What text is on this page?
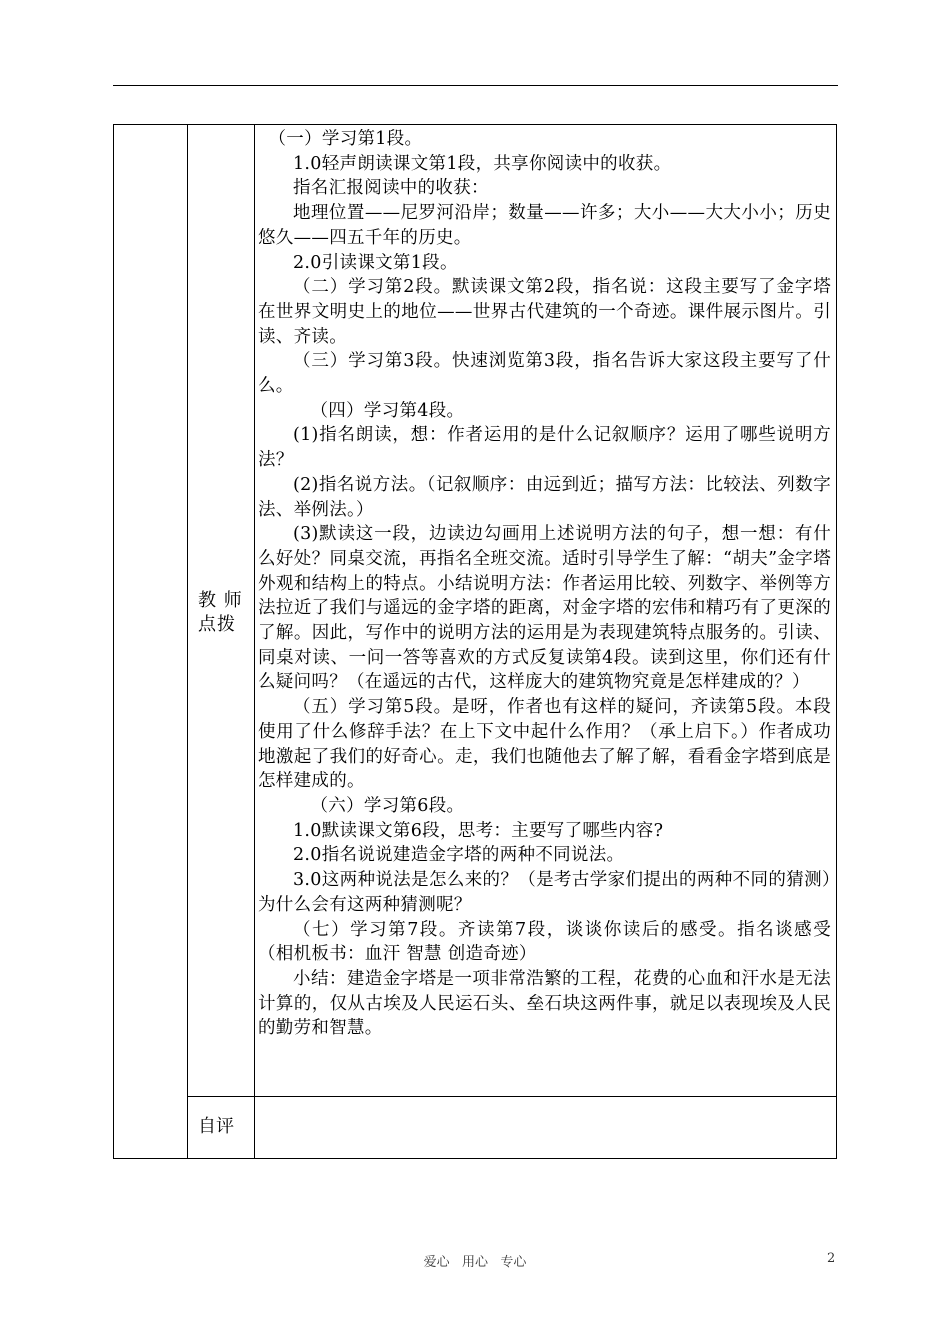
教 师
点拨
自评

（一）学习第1段。

1.0轻声朗读课文第1段，共享你阅读中的收获。

指名汇报阅读中的收获：

地理位置——尼罗河沿岸；数量——许多；大小——大大小小；历史悠久——四五千年的历史。

2.0引读课文第1段。

（二）学习第2段。默读课文第2段，指名说：这段主要写了金字塔在世界文明史上的地位——世界古代建筑的一个奇迹。课件展示图片。引读、齐读。

（三）学习第3段。快速浏览第3段，指名告诉大家这段主要写了什么。

（四）学习第4段。

(1)指名朗读，想：作者运用的是什么记叙顺序？运用了哪些说明方法？

(2)指名说方法。（记叙顺序：由远到近；描写方法：比较法、列数字法、举例法。）

(3)默读这一段，边读边勾画用上述说明方法的句子，想一想：有什么好处？同桌交流，再指名全班交流。适时引导学生了解：“胡夫”金字塔外观和结构上的特点。小结说明方法：作者运用比较、列数字、举例等方法拉近了我们与遥远的金字塔的距离，对金字塔的宏伟和精巧有了更深的了解。因此，写作中的说明方法的运用是为表现建筑特点服务的。引读、同桌对读、一问一答等喜欢的方式反复读第4段。读到这里，你们还有什么疑问吗？（在遥远的古代，这样庞大的建筑物究竟是怎样建成的？）

（五）学习第5段。是呀，作者也有这样的疑问，齐读第5段。本段使用了什么修辞手法？在上下文中起什么作用？（承上启下。）作者成功地激起了我们的好奇心。走，我们也随他去了解了解，看看金字塔到底是怎样建成的。

（六）学习第6段。

1.0默读课文第6段，思考：主要写了哪些内容?

2.0指名说说建造金字塔的两种不同说法。

3.0这两种说法是怎么来的？（是考古学家们提出的两种不同的猜测）为什么会有这两种猜测呢？

（七）学习第7段。齐读第7段，谈谈你读后的感受。指名谈感受（相机板书：血汗 智慧 创造奇迹）

小结：建造金字塔是一项非常浩繁的工程，花费的心血和汗水是无法计算的，仅从古埃及人民运石头、垒石块这两件事，就足以表现埃及人民的勤劳和智慧。

爱心   用心   专心	2
